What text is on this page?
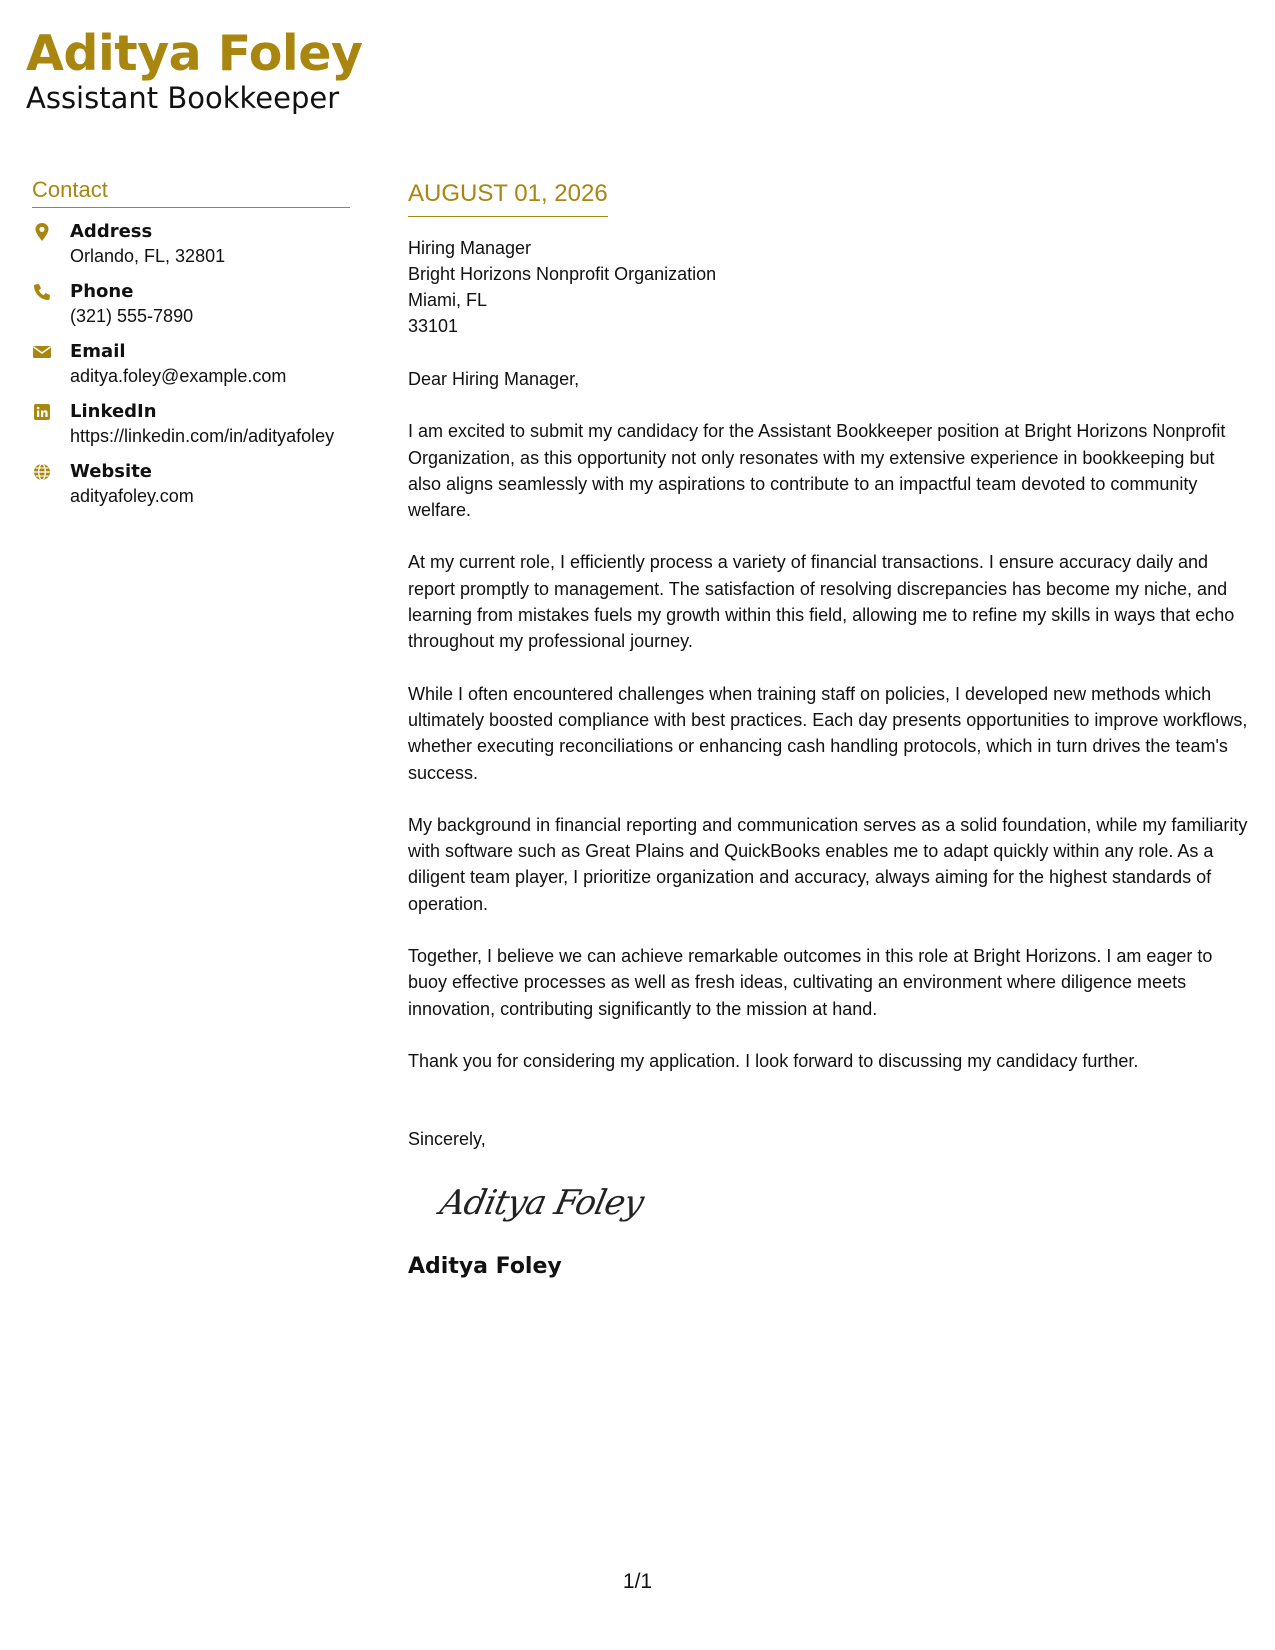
Aditya Foley
Assistant Bookkeeper
Contact
Address
Orlando, FL, 32801
Phone
(321) 555-7890
Email
aditya.foley@example.com
LinkedIn
https://linkedin.com/in/adityafoley
Website
adityafoley.com
AUGUST 01, 2026
Hiring Manager
Bright Horizons Nonprofit Organization
Miami, FL
33101

Dear Hiring Manager,

I am excited to submit my candidacy for the Assistant Bookkeeper position at Bright Horizons Nonprofit Organization, as this opportunity not only resonates with my extensive experience in bookkeeping but also aligns seamlessly with my aspirations to contribute to an impactful team devoted to community welfare.

At my current role, I efficiently process a variety of financial transactions. I ensure accuracy daily and report promptly to management. The satisfaction of resolving discrepancies has become my niche, and learning from mistakes fuels my growth within this field, allowing me to refine my skills in ways that echo throughout my professional journey.

While I often encountered challenges when training staff on policies, I developed new methods which ultimately boosted compliance with best practices. Each day presents opportunities to improve workflows, whether executing reconciliations or enhancing cash handling protocols, which in turn drives the team's success.

My background in financial reporting and communication serves as a solid foundation, while my familiarity with software such as Great Plains and QuickBooks enables me to adapt quickly within any role. As a diligent team player, I prioritize organization and accuracy, always aiming for the highest standards of operation.

Together, I believe we can achieve remarkable outcomes in this role at Bright Horizons. I am eager to buoy effective processes as well as fresh ideas, cultivating an environment where diligence meets innovation, contributing significantly to the mission at hand.

Thank you for considering my application. I look forward to discussing my candidacy further.

Sincerely,
Aditya Foley
Aditya Foley
1/1
